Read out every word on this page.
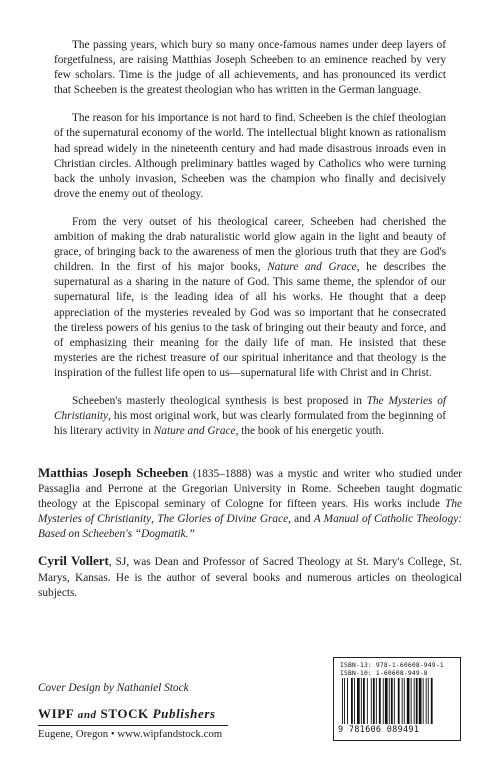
The passing years, which bury so many once-famous names under deep layers of forgetfulness, are raising Matthias Joseph Scheeben to an eminence reached by very few scholars. Time is the judge of all achievements, and has pronounced its verdict that Scheeben is the greatest theologian who has written in the German language.

The reason for his importance is not hard to find. Scheeben is the chief theologian of the supernatural economy of the world. The intellectual blight known as rationalism had spread widely in the nineteenth century and had made disastrous inroads even in Christian circles. Although preliminary battles waged by Catholics who were turning back the unholy invasion, Scheeben was the champion who finally and decisively drove the enemy out of theology.

From the very outset of his theological career, Scheeben had cherished the ambition of making the drab naturalistic world glow again in the light and beauty of grace, of bringing back to the awareness of men the glorious truth that they are God's children. In the first of his major books, Nature and Grace, he describes the supernatural as a sharing in the nature of God. This same theme, the splendor of our supernatural life, is the leading idea of all his works. He thought that a deep appreciation of the mysteries revealed by God was so important that he consecrated the tireless powers of his genius to the task of bringing out their beauty and force, and of emphasizing their meaning for the daily life of man. He insisted that these mysteries are the richest treasure of our spiritual inheritance and that theology is the inspiration of the fullest life open to us—supernatural life with Christ and in Christ.

Scheeben's masterly theological synthesis is best proposed in The Mysteries of Christianity, his most original work, but was clearly formulated from the beginning of his literary activity in Nature and Grace, the book of his energetic youth.

Matthias Joseph Scheeben (1835–1888) was a mystic and writer who studied under Passaglia and Perrone at the Gregorian University in Rome. Scheeben taught dogmatic theology at the Episcopal seminary of Cologne for fifteen years. His works include The Mysteries of Christianity, The Glories of Divine Grace, and A Manual of Catholic Theology: Based on Scheeben's “Dogmatik.”

Cyril Vollert, SJ, was Dean and Professor of Sacred Theology at St. Mary's College, St. Marys, Kansas. He is the author of several books and numerous articles on theological subjects.

ISBN-13: 978-1-60608-949-1
ISBN-10: 1-60608-949-8
9 781606 089491
Cover Design by Nathaniel Stock
WIPF and STOCK Publishers
Eugene, Oregon • www.wipfandstock.com
